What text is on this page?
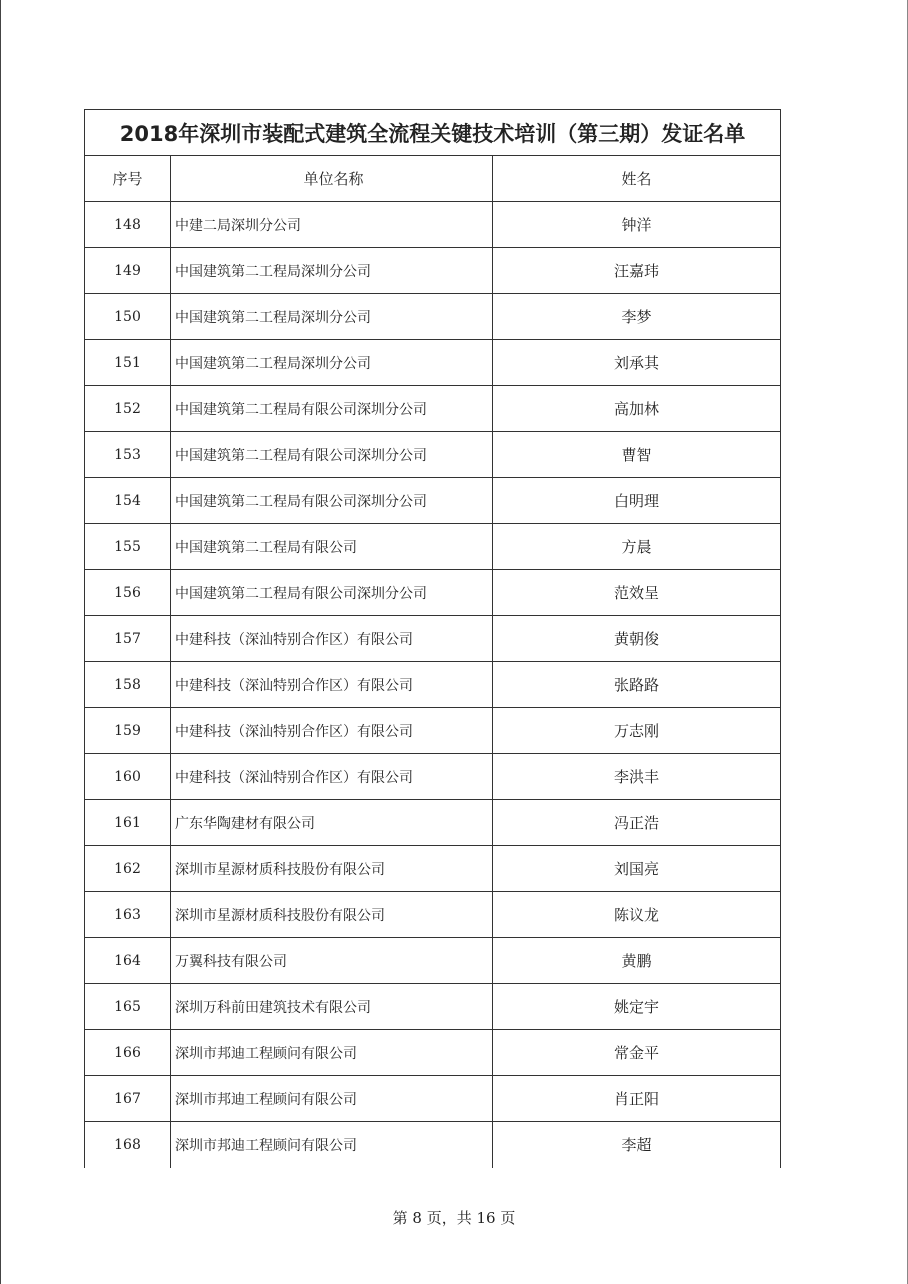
2018年深圳市装配式建筑全流程关键技术培训（第三期）发证名单		
序号	单位名称	姓名
148	中建二局深圳分公司	钟洋
149	中国建筑第二工程局深圳分公司	汪嘉玮
150	中国建筑第二工程局深圳分公司	李梦
151	中国建筑第二工程局深圳分公司	刘承其
152	中国建筑第二工程局有限公司深圳分公司	高加林
153	中国建筑第二工程局有限公司深圳分公司	曹智
154	中国建筑第二工程局有限公司深圳分公司	白明理
155	中国建筑第二工程局有限公司	方晨
156	中国建筑第二工程局有限公司深圳分公司	范效呈
157	中建科技（深汕特别合作区）有限公司	黄朝俊
158	中建科技（深汕特别合作区）有限公司	张路路
159	中建科技（深汕特别合作区）有限公司	万志刚
160	中建科技（深汕特别合作区）有限公司	李洪丰
161	广东华陶建材有限公司	冯正浩
162	深圳市星源材质科技股份有限公司	刘国亮
163	深圳市星源材质科技股份有限公司	陈议龙
164	万翼科技有限公司	黄鹏
165	深圳万科前田建筑技术有限公司	姚定宇
166	深圳市邦迪工程顾问有限公司	常金平
167	深圳市邦迪工程顾问有限公司	肖正阳
168	深圳市邦迪工程顾问有限公司	李超
第 8 页，共 16 页
